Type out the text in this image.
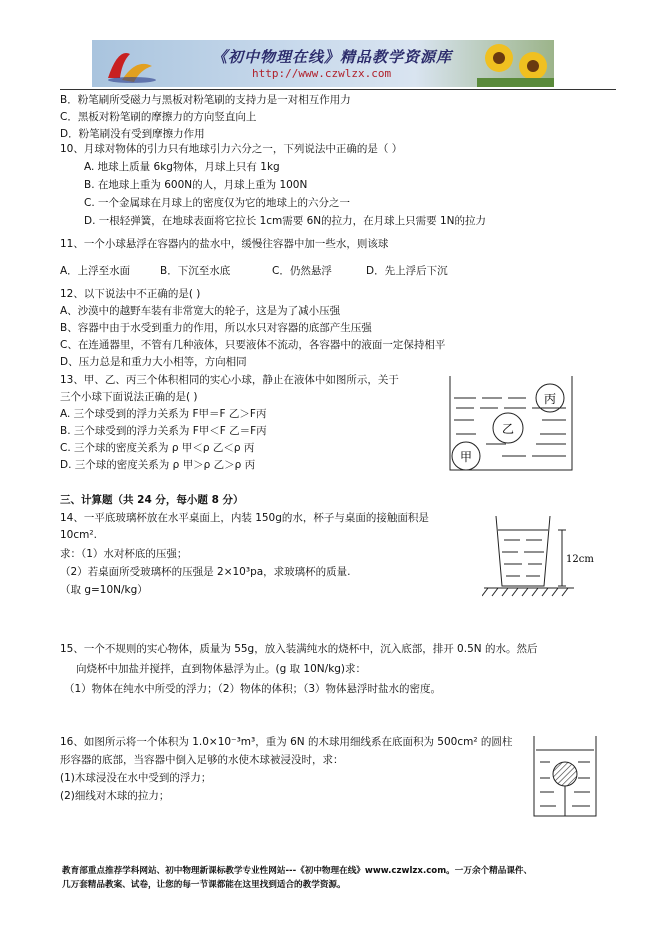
《初中物理在线》精品教学资源库
http://www.czwlzx.com
B．粉笔刷所受磁力与黑板对粉笔刷的支持力是一对相互作用力
C．黑板对粉笔刷的摩擦力的方向竖直向上
D．粉笔刷没有受到摩擦力作用
10、月球对物体的引力只有地球引力六分之一，下列说法中正确的是（ ）
A. 地球上质量 6kg物体，月球上只有 1kg
B. 在地球上重为 600N的人，月球上重为 100N
C. 一个金属球在月球上的密度仅为它的地球上的六分之一
D. 一根轻弹簧，在地球表面将它拉长 1cm需要 6N的拉力，在月球上只需要 1N的拉力
11、一个小球悬浮在容器内的盐水中，缓慢往容器中加一些水，则该球
A．上浮至水面	B．下沉至水底	C．仍然悬浮	D．先上浮后下沉
12、以下说法中不正确的是( )
A、沙漠中的越野车装有非常宽大的轮子，这是为了减小压强
B、容器中由于水受到重力的作用，所以水只对容器的底部产生压强
C、在连通器里，不管有几种液体，只要液体不流动，各容器中的液面一定保持相平
D、压力总是和重力大小相等，方向相同
13、甲、乙、丙三个体积相同的实心小球，静止在液体中如图所示，关于
三个小球下面说法正确的是( )
A. 三个球受到的浮力关系为 F甲＝F 乙＞F丙
B. 三个球受到的浮力关系为 F甲＜F 乙＝F丙
C. 三个球的密度关系为 ρ 甲＜ρ 乙＜ρ 丙
D. 三个球的密度关系为 ρ 甲＞ρ 乙＞ρ 丙
丙
乙
甲
三、计算题（共 24 分，每小题 8 分）
14、一平底玻璃杯放在水平桌面上，内装 150g的水，杯子与桌面的接触面积是
10cm².
求：（1）水对杯底的压强；
（2）若桌面所受玻璃杯的压强是 2×10³pa，求玻璃杯的质量.
（取 g=10N/kg）
12cm
15、一个不规则的实心物体，质量为 55g，放入装满纯水的烧杯中，沉入底部，排开 0.5N 的水。然后
向烧杯中加盐并搅拌，直到物体悬浮为止。(g 取 10N/kg)求：
（1）物体在纯水中所受的浮力；（2）物体的体积；（3）物体悬浮时盐水的密度。
16、如图所示将一个体积为 1.0×10⁻³m³，重为 6N 的木球用细线系在底面积为 500cm² 的圆柱
形容器的底部，当容器中倒入足够的水使木球被浸没时，求：
(1)木球浸没在水中受到的浮力；
(2)细线对木球的拉力；
教育部重点推荐学科网站、初中物理新课标教学专业性网站---《初中物理在线》www.czwlzx.com。一万余个精品课件、
几万套精品教案、试卷，让您的每一节课都能在这里找到适合的教学资源。
